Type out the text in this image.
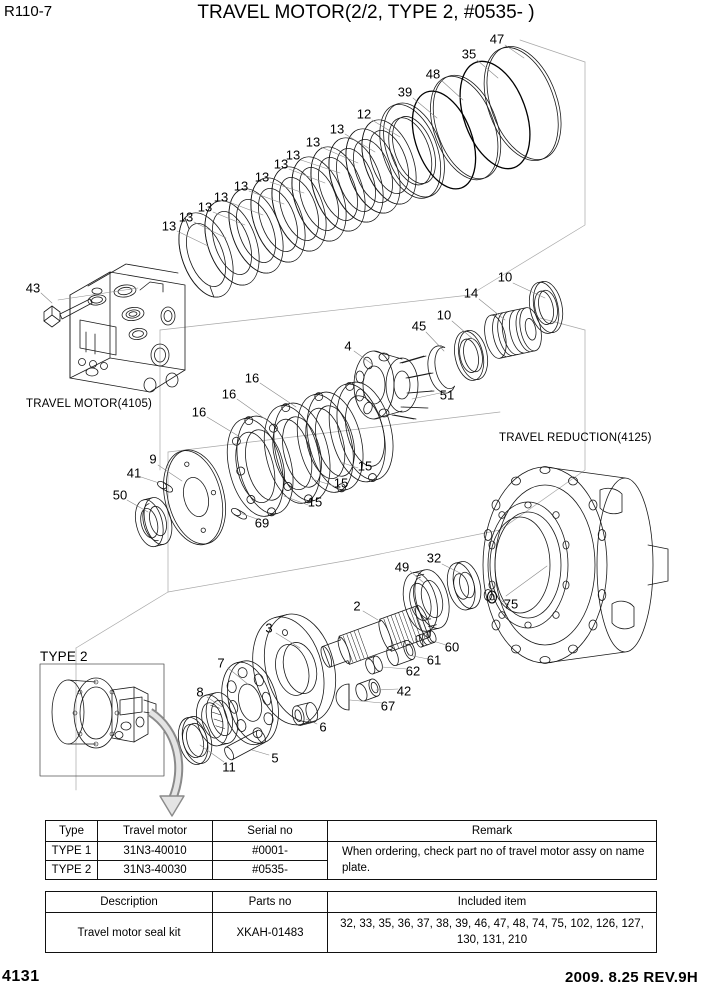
R110-7	TRAVEL MOTOR(2/2, TYPE 2, #0535- )
TRAVEL MOTOR(4105)
TRAVEL REDUCTION(4125)
TYPE 2
47
35
48
39
12
13
13
13
13
13
13
13
13
13
13
43
10
14
10
45
4
51
16
16
16
15
15
15
9
41
50
69
49
32
75
2
60
61
62
42
67
3
7
8
6
5
11
Type	Travel motor	Serial no	Remark
TYPE 1	31N3-40010	#0001-	When ordering, check part no of travel motor assy on name plate.
TYPE 2	31N3-40030	#0535-	
Description	Parts no	Included item
Travel motor seal kit	XKAH-01483	32, 33, 35, 36, 37, 38, 39, 46, 47, 48, 74, 75, 102, 126, 127, 130, 131, 210
4131	2009. 8.25 REV.9H
